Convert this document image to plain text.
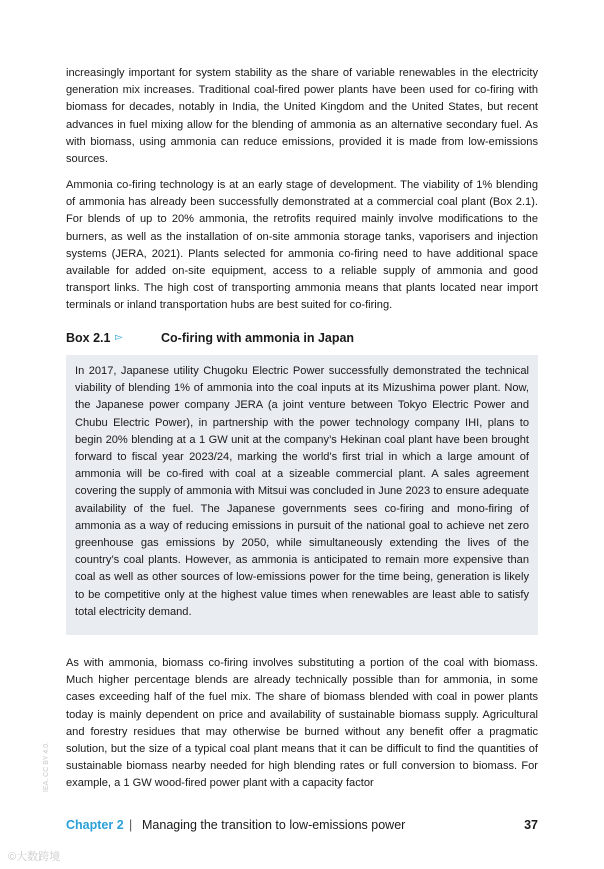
increasingly important for system stability as the share of variable renewables in the electricity generation mix increases. Traditional coal-fired power plants have been used for co-firing with biomass for decades, notably in India, the United Kingdom and the United States, but recent advances in fuel mixing allow for the blending of ammonia as an alternative secondary fuel. As with biomass, using ammonia can reduce emissions, provided it is made from low-emissions sources.

Ammonia co-firing technology is at an early stage of development. The viability of 1% blending of ammonia has already been successfully demonstrated at a commercial coal plant (Box 2.1). For blends of up to 20% ammonia, the retrofits required mainly involve modifications to the burners, as well as the installation of on-site ammonia storage tanks, vaporisers and injection systems (JERA, 2021). Plants selected for ammonia co-firing need to have additional space available for added on-site equipment, access to a reliable supply of ammonia and good transport links. The high cost of transporting ammonia means that plants located near import terminals or inland transportation hubs are best suited for co-firing.

Box 2.1 ▻	Co-firing with ammonia in Japan

In 2017, Japanese utility Chugoku Electric Power successfully demonstrated the technical viability of blending 1% of ammonia into the coal inputs at its Mizushima power plant. Now, the Japanese power company JERA (a joint venture between Tokyo Electric Power and Chubu Electric Power), in partnership with the power technology company IHI, plans to begin 20% blending at a 1 GW unit at the company’s Hekinan coal plant have been brought forward to fiscal year 2023/24, marking the world's first trial in which a large amount of ammonia will be co-fired with coal at a sizeable commercial plant. A sales agreement covering the supply of ammonia with Mitsui was concluded in June 2023 to ensure adequate availability of the fuel. The Japanese governments sees co-firing and mono-firing of ammonia as a way of reducing emissions in pursuit of the national goal to achieve net zero greenhouse gas emissions by 2050, while simultaneously extending the lives of the country’s coal plants. However, as ammonia is anticipated to remain more expensive than coal as well as other sources of low-emissions power for the time being, generation is likely to be competitive only at the highest value times when renewables are least able to satisfy total electricity demand.

As with ammonia, biomass co-firing involves substituting a portion of the coal with biomass. Much higher percentage blends are already technically possible than for ammonia, in some cases exceeding half of the fuel mix. The share of biomass blended with coal in power plants today is mainly dependent on price and availability of sustainable biomass supply. Agricultural and forestry residues that may otherwise be burned without any benefit offer a pragmatic solution, but the size of a typical coal plant means that it can be difficult to find the quantities of sustainable biomass nearby needed for high blending rates or full conversion to biomass. For example, a 1 GW wood-fired power plant with a capacity factor

Chapter 2 | Managing the transition to low-emissions power	37
IEA. CC BY 4.0.
©大数跨境
